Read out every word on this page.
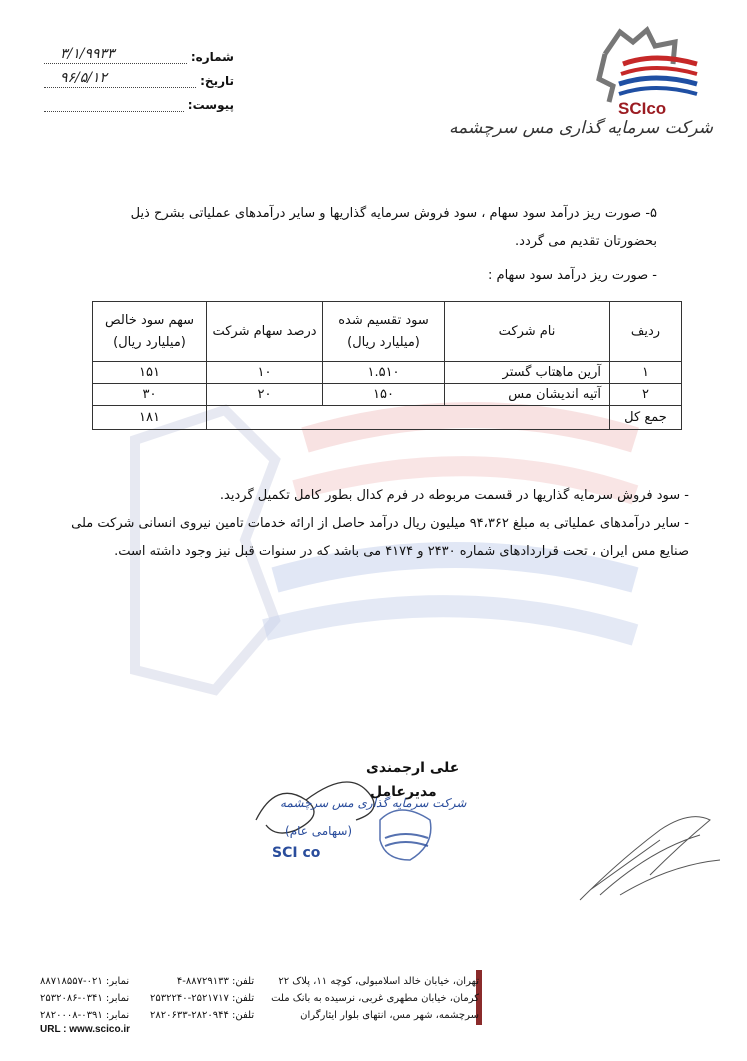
شماره:
۳/۱/۹۹۳۳
تاریخ:
۹۶/۵/۱۲
پیوست:	SCIco
شرکت سرمایه گذاری مس سرچشمه
۵- صورت ریز درآمد سود سهام ، سود فروش سرمایه گذاریها و سایر درآمدهای عملیاتی بشرح ذیل بحضورتان تقدیم می گردد.
- صورت ریز درآمد سود سهام :
ردیف	نام شرکت	سود تقسیم شده (میلیارد ریال)	درصد سهام شرکت	سهم سود خالص (میلیارد ریال)
۱	آرین ماهتاب گستر	۱.۵۱۰	۱۰	۱۵۱
۲	آتیه اندیشان مس	۱۵۰	۲۰	۳۰
جمع کل				۱۸۱
- سود فروش سرمایه گذاریها در قسمت مربوطه در فرم کدال بطور کامل تکمیل گردید.
- سایر درآمدهای عملیاتی به مبلغ ۹۴،۳۶۲ میلیون ریال درآمد حاصل از ارائه خدمات تامین نیروی انسانی شرکت ملی صنایع مس ایران ، تحت قراردادهای شماره ۲۴۳۰ و ۴۱۷۴ می باشد که در سنوات قبل نیز وجود داشته است.
علی ارجمندی
مدیرعامل
شرکت سرمایه گذاری مس سرچشمه
(سهامی عام)
SCI co
تهران، خیابان خالد اسلامبولی، کوچه ۱۱، پلاک ۲۲
کرمان، خیابان مطهری غربی، نرسیده به بانک ملت
سرچشمه، شهر مس، انتهای بلوار ایثارگران
تلفن: ۸۸۷۲۹۱۳۳-۴
تلفن: ۲۵۲۱۷۱۷-۲۵۳۲۲۴۰
تلفن: ۲۸۲۰۹۴۴-۲۸۲۰۶۳۳
نمابر: ۰۲۱-۸۸۷۱۸۵۵۷
نمابر: ۰۳۴۱-۲۵۳۲۰۸۶
نمابر: ۰۳۹۱-۲۸۲۰۰۰۸
URL : www.scico.ir
